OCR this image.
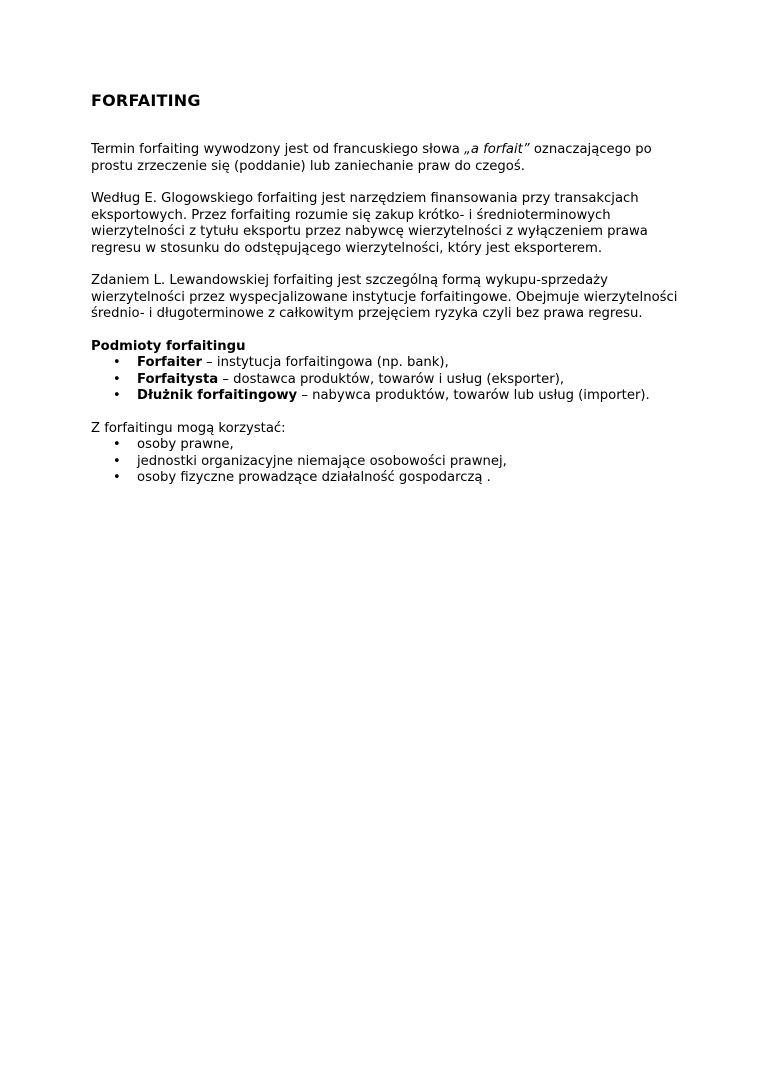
FORFAITING

Termin forfaiting wywodzony jest od francuskiego słowa „a forfait” oznaczającego po prostu zrzeczenie się (poddanie) lub zaniechanie praw do czegoś.

Według E. Glogowskiego forfaiting jest narzędziem finansowania przy transakcjach eksportowych. Przez forfaiting rozumie się zakup krótko- i średnioterminowych wierzytelności z tytułu eksportu przez nabywcę wierzytelności z wyłączeniem prawa regresu w stosunku do odstępującego wierzytelności, który jest eksporterem.

Zdaniem L. Lewandowskiej forfaiting jest szczególną formą wykupu-sprzedaży wierzytelności przez wyspecjalizowane instytucje forfaitingowe. Obejmuje wierzytelności średnio- i długoterminowe z całkowitym przejęciem ryzyka czyli bez prawa regresu.

Podmioty forfaitingu

• Forfaiter – instytucja forfaitingowa (np. bank),
• Forfaitysta – dostawca produktów, towarów i usług (eksporter),
• Dłużnik forfaitingowy – nabywca produktów, towarów lub usług (importer).

Z forfaitingu mogą korzystać:

• osoby prawne,
• jednostki organizacyjne niemające osobowości prawnej,
• osoby fizyczne prowadzące działalność gospodarczą .
